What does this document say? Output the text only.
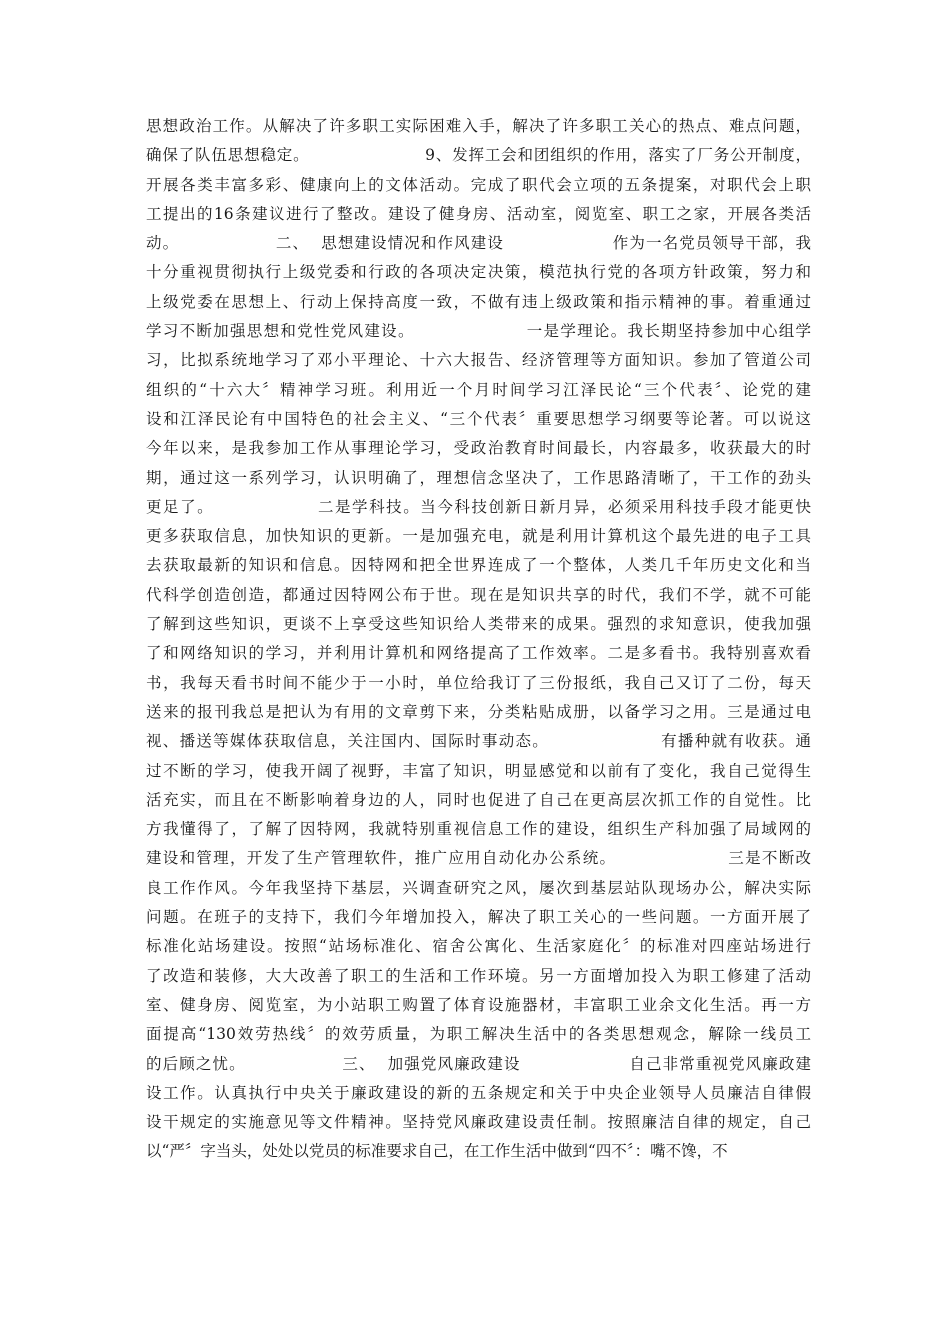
思想政治工作。从解决了许多职工实际困难入手，解决了许多职工关心的热点、难点问题，
确保了队伍思想稳定。                    9、发挥工会和团组织的作用，落实了厂务公开制度，
开展各类丰富多彩、健康向上的文体活动。完成了职代会立项的五条提案，对职代会上职
工提出的16条建议进行了整改。建设了健身房、活动室，阅览室、职工之家，开展各类活
动。                二、  思想建设情况和作风建设                  作为一名党员领导干部，我
十分重视贯彻执行上级党委和行政的各项决定决策，模范执行党的各项方针政策，努力和
上级党委在思想上、行动上保持高度一致，不做有违上级政策和指示精神的事。着重通过
学习不断加强思想和党性党风建设。                  一是学理论。我长期坚持参加中心组学
习，比拟系统地学习了邓小平理论、十六大报告、经济管理等方面知识。参加了管道公司
组织的“十六大〞精神学习班。利用近一个月时间学习江泽民论“三个代表〞、论党的建
设和江泽民论有中国特色的社会主义、“三个代表〞重要思想学习纲要等论著。可以说这
今年以来，是我参加工作从事理论学习，受政治教育时间最长，内容最多，收获最大的时
期，通过这一系列学习，认识明确了，理想信念坚决了，工作思路清晰了，干工作的劲头
更足了。                二是学科技。当今科技创新日新月异，必须采用科技手段才能更快
更多获取信息，加快知识的更新。一是加强充电，就是利用计算机这个最先进的电子工具
去获取最新的知识和信息。因特网和把全世界连成了一个整体，人类几千年历史文化和当
代科学创造创造，都通过因特网公布于世。现在是知识共享的时代，我们不学，就不可能
了解到这些知识，更谈不上享受这些知识给人类带来的成果。强烈的求知意识，使我加强
了和网络知识的学习，并利用计算机和网络提高了工作效率。二是多看书。我特别喜欢看
书，我每天看书时间不能少于一小时，单位给我订了三份报纸，我自己又订了二份，每天
送来的报刊我总是把认为有用的文章剪下来，分类粘贴成册，以备学习之用。三是通过电
视、播送等媒体获取信息，关注国内、国际时事动态。                  有播种就有收获。通
过不断的学习，使我开阔了视野，丰富了知识，明显感觉和以前有了变化，我自己觉得生
活充实，而且在不断影响着身边的人，同时也促进了自己在更高层次抓工作的自觉性。比
方我懂得了，了解了因特网，我就特别重视信息工作的建设，组织生产科加强了局域网的
建设和管理，开发了生产管理软件，推广应用自动化办公系统。                  三是不断改
良工作作风。今年我坚持下基层，兴调查研究之风，屡次到基层站队现场办公，解决实际
问题。在班子的支持下，我们今年增加投入，解决了职工关心的一些问题。一方面开展了
标准化站场建设。按照“站场标准化、宿舍公寓化、生活家庭化〞的标准对四座站场进行
了改造和装修，大大改善了职工的生活和工作环境。另一方面增加投入为职工修建了活动
室、健身房、阅览室，为小站职工购置了体育设施器材，丰富职工业余文化生活。再一方
面提高“130效劳热线〞的效劳质量，为职工解决生活中的各类思想观念，解除一线员工
的后顾之忧。                三、  加强党风廉政建设                  自己非常重视党风廉政建
设工作。认真执行中央关于廉政建设的新的五条规定和关于中央企业领导人员廉洁自律假
设干规定的实施意见等文件精神。坚持党风廉政建设责任制。按照廉洁自律的规定，自己
以“严〞字当头，处处以党员的标准要求自己，在工作生活中做到“四不〞：嘴不馋，不
